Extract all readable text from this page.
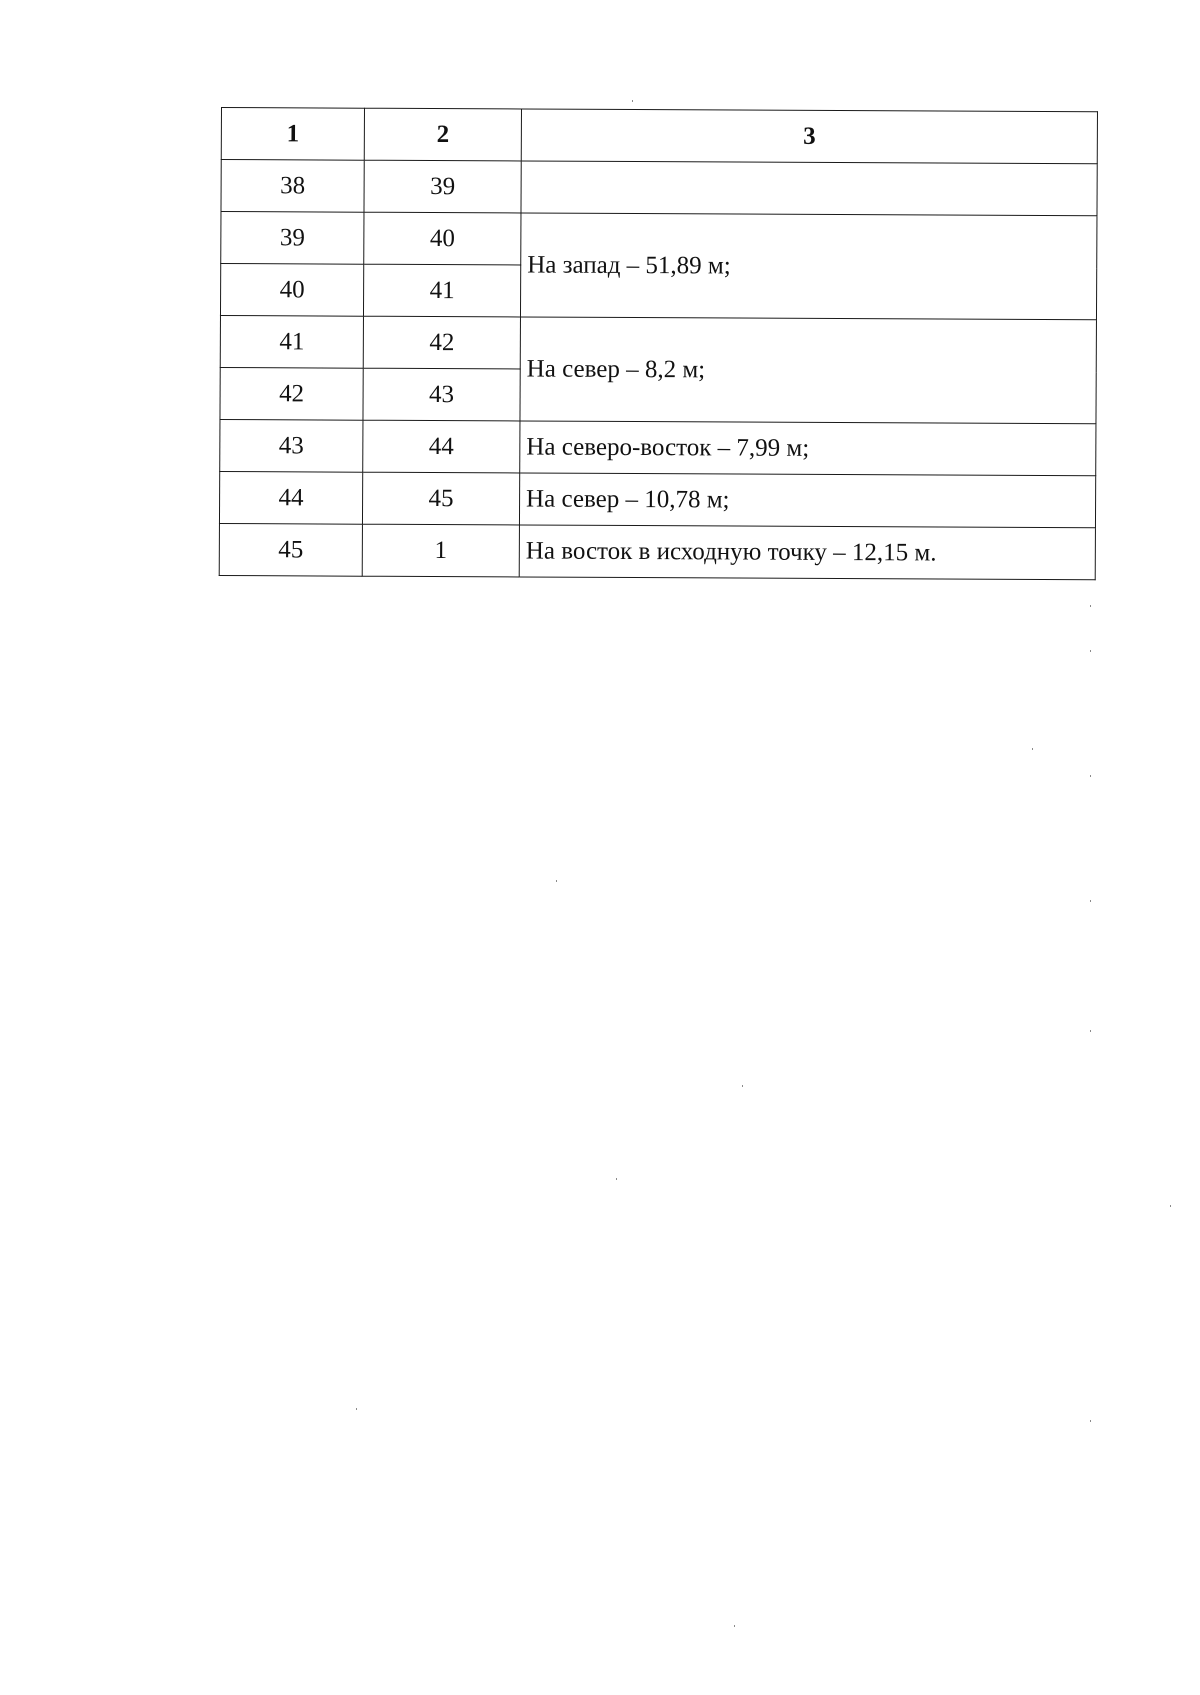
1	2	3
38	39	
39	40	На запад – 51,89 м;
40	41	
41	42	На север – 8,2 м;
42	43	
43	44	На северо-восток – 7,99 м;
44	45	На север – 10,78 м;
45	1	На восток в исходную точку – 12,15 м.
